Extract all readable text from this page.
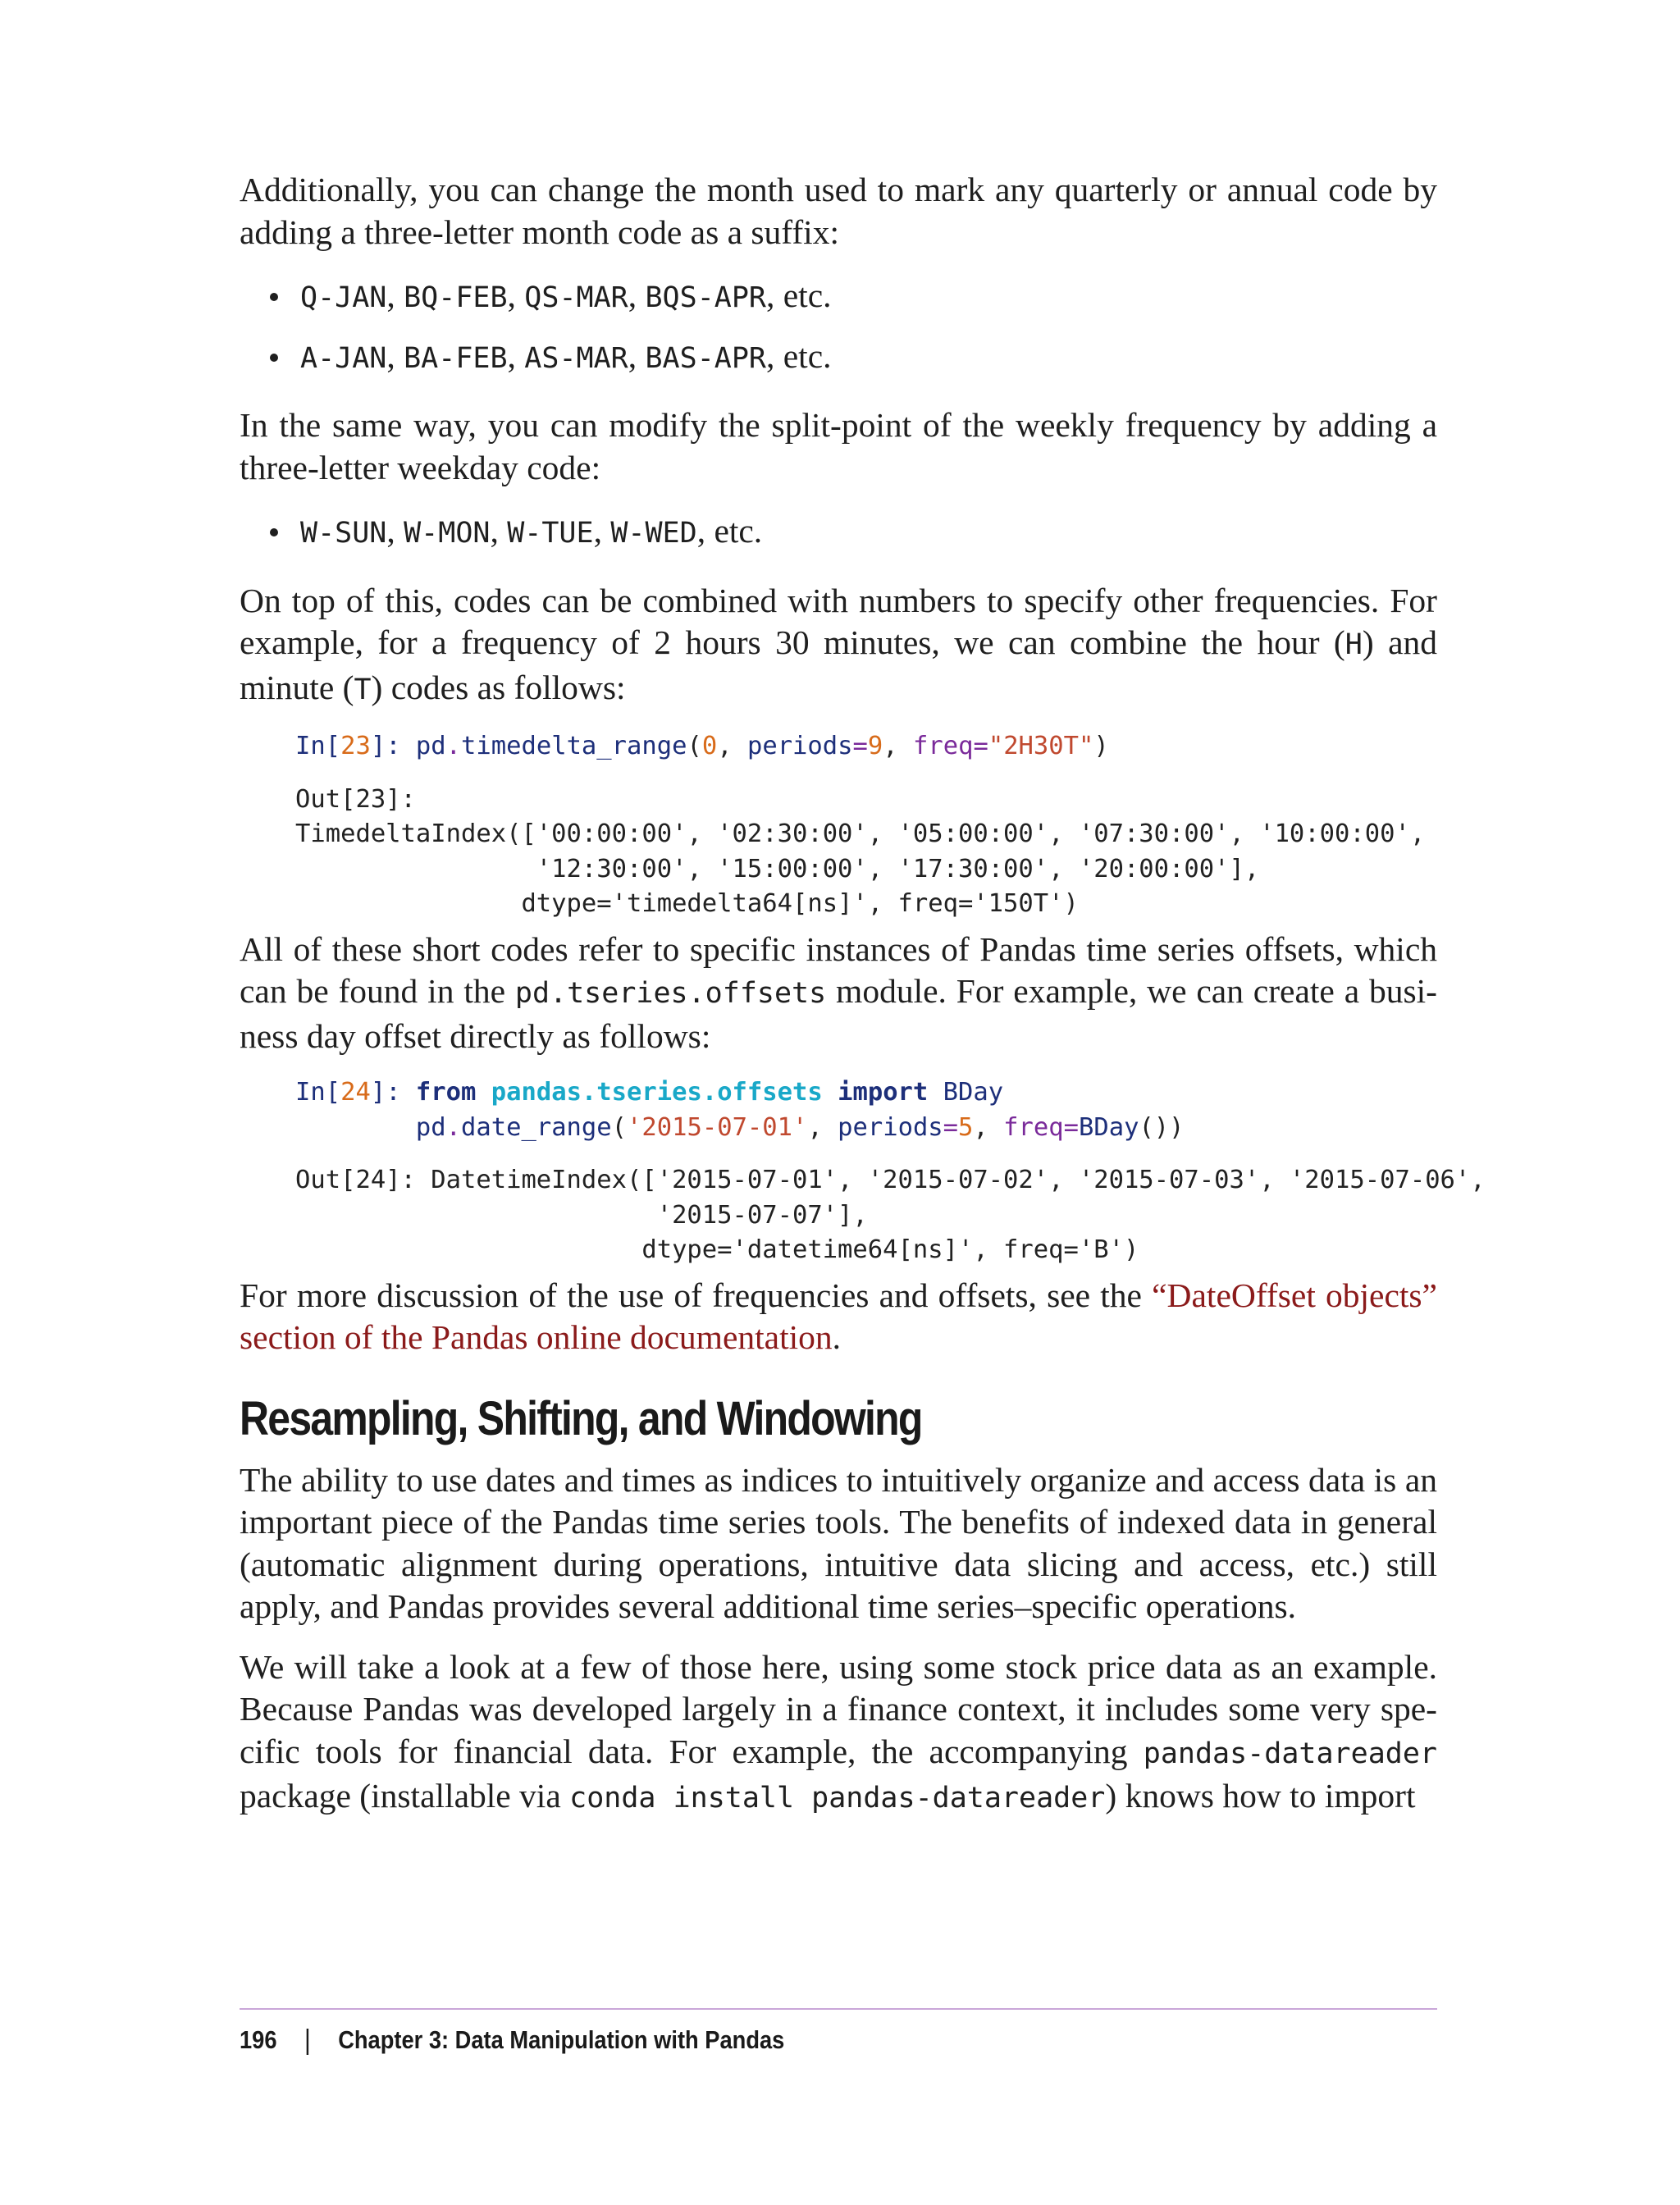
Additionally, you can change the month used to mark any quarterly or annual code by adding a three-letter month code as a suffix:

Q-JAN, BQ-FEB, QS-MAR, BQS-APR, etc.
A-JAN, BA-FEB, AS-MAR, BAS-APR, etc.

In the same way, you can modify the split-point of the weekly frequency by adding a three-letter weekday code:

W-SUN, W-MON, W-TUE, W-WED, etc.

On top of this, codes can be combined with numbers to specify other frequencies. For example, for a frequency of 2 hours 30 minutes, we can combine the hour (H) and minute (T) codes as follows:

In[23]: pd.timedelta_range(0, periods=9, freq="2H30T")
Out[23]:
TimedeltaIndex(['00:00:00', '02:30:00', '05:00:00', '07:30:00', '10:00:00',
'12:30:00', '15:00:00', '17:30:00', '20:00:00'],
dtype='timedelta64[ns]', freq='150T')

All of these short codes refer to specific instances of Pandas time series offsets, which can be found in the pd.tseries.offsets module. For example, we can create a business day offset directly as follows:

In[24]: from pandas.tseries.offsets import BDay
pd.date_range('2015-07-01', periods=5, freq=BDay())
Out[24]: DatetimeIndex(['2015-07-01', '2015-07-02', '2015-07-03', '2015-07-06',
'2015-07-07'],
dtype='datetime64[ns]', freq='B')

For more discussion of the use of frequencies and offsets, see the “DateOffset objects” section of the Pandas online documentation.

Resampling, Shifting, and Windowing

The ability to use dates and times as indices to intuitively organize and access data is an important piece of the Pandas time series tools. The benefits of indexed data in general (automatic alignment during operations, intuitive data slicing and access, etc.) still apply, and Pandas provides several additional time series–specific operations.

We will take a look at a few of those here, using some stock price data as an example. Because Pandas was developed largely in a finance context, it includes some very specific tools for financial data. For example, the accompanying pandas-datareader package (installable via conda install pandas-datareader) knows how to import

196 | Chapter 3: Data Manipulation with Pandas
